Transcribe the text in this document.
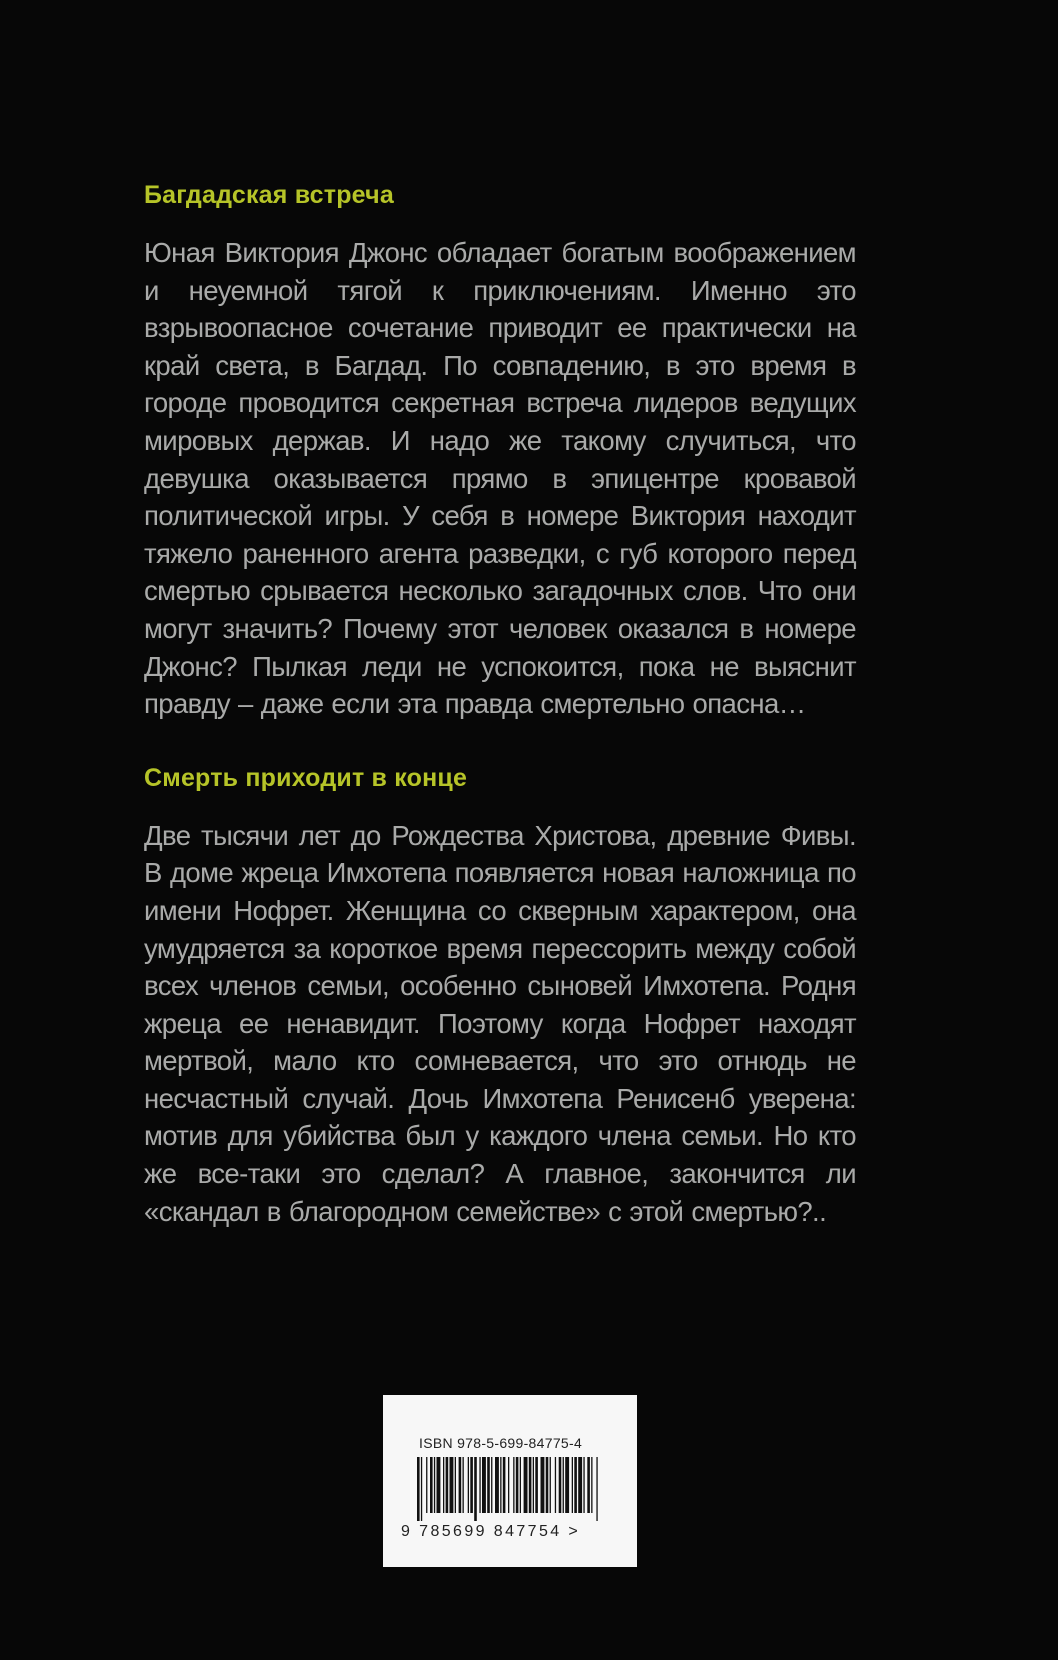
Багдадская встреча

Юная Виктория Джонс обладает богатым воображением и неуемной тягой к приключениям. Именно это взрывоопасное сочетание приводит ее практически на край света, в Багдад. По совпадению, в это время в городе проводится секретная встреча лидеров ведущих мировых держав. И надо же такому случиться, что девушка оказывается прямо в эпицентре кровавой политической игры. У себя в номере Виктория находит тяжело раненного агента разведки, с губ которого перед смертью срывается несколько загадочных слов. Что они могут значить? Почему этот человек оказался в номере Джонс? Пылкая леди не успокоится, пока не выяснит правду – даже если эта правда смертельно опасна…

Смерть приходит в конце

Две тысячи лет до Рождества Христова, древние Фивы. В доме жреца Имхотепа появляется новая наложница по имени Нофрет. Женщина со скверным характером, она умудряется за короткое время перессорить между собой всех членов семьи, особенно сыновей Имхотепа. Родня жреца ее ненавидит. Поэтому когда Нофрет находят мертвой, мало кто сомневается, что это отнюдь не несчастный случай. Дочь Имхотепа Ренисенб уверена: мотив для убийства был у каждого члена семьи. Но кто же все-таки это сделал? А главное, закончится ли «скандал в благородном семействе» с этой смертью?..

ISBN 978-5-699-84775-4
9 785699 847754 >
